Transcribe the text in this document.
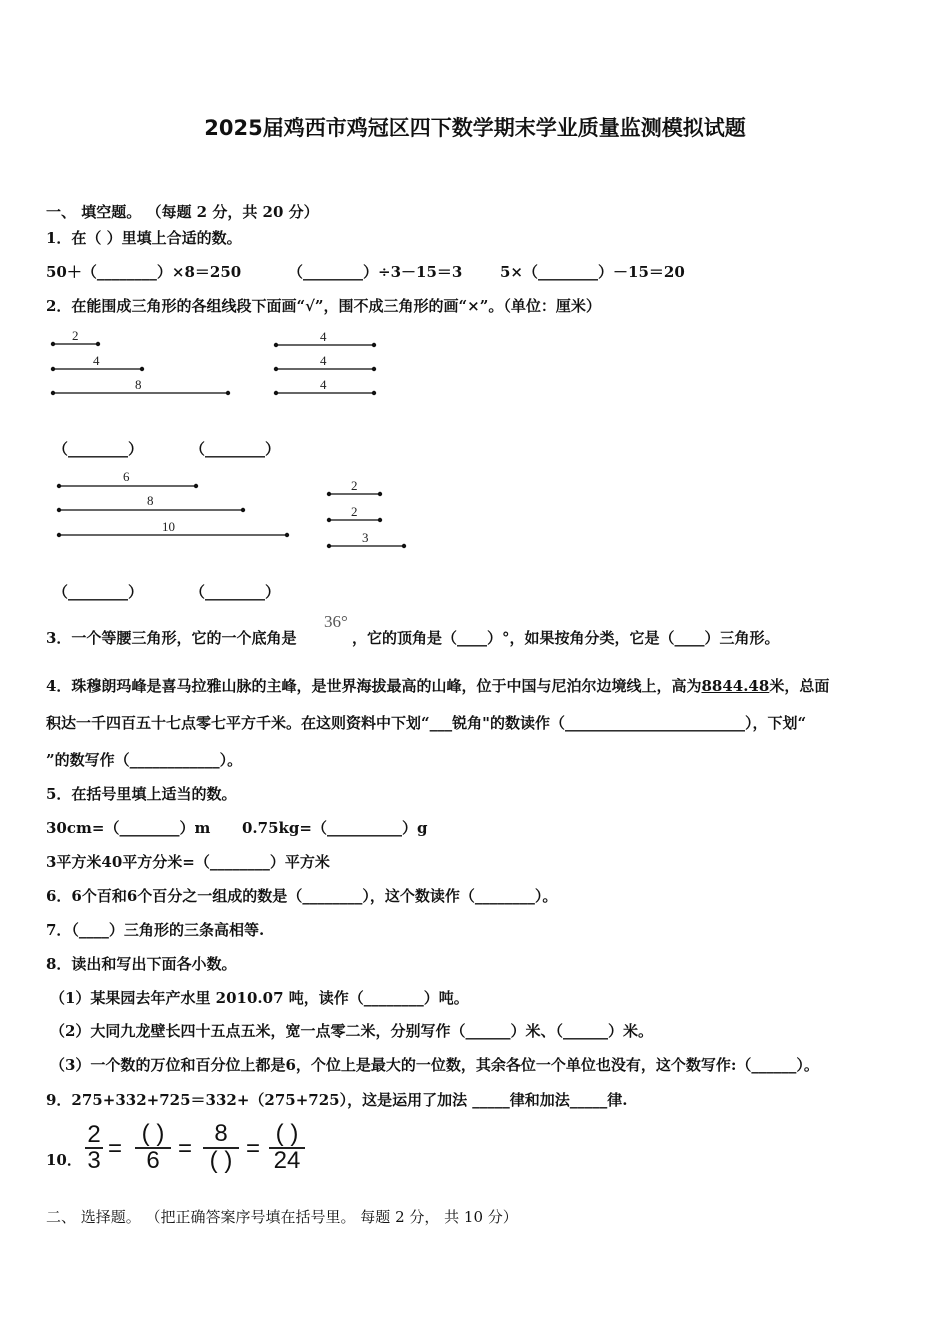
2025届鸡西市鸡冠区四下数学期末学业质量监测模拟试题
一、 填空题。 （每题 2 分，共 20 分）
1．在（ ）里填上合适的数。
50＋（________）×8＝250	（________）÷3－15＝3	5×（________）－15＝20
2．在能围成三角形的各组线段下面画“√”，围不成三角形的画“×”。（单位：厘米）
2
4
8
4
4
4
6
8
10
2
2
3
（________）	（________）
（________）	（________）
3．一个等腰三角形，它的一个底角是
36°
，它的顶角是（____）°，如果按角分类，它是（____）三角形。
4．珠穆朗玛峰是喜马拉雅山脉的主峰，是世界海拔最高的山峰，位于中国与尼泊尔边境线上，高为8844.48米，总面
积达一千四百五十七点零七平方千米。在这则资料中下划“___锐角"的数读作（________________________），下划“
”的数写作（____________）。
5．在括号里填上适当的数。
30cm=（________）m 0.75kg=（__________）g
3平方米40平方分米=（________）平方米
6．6个百和6个百分之一组成的数是（________），这个数读作（________）。
7．（____）三角形的三条高相等.
8．读出和写出下面各小数。
（1）某果园去年产水里 2010.07 吨，读作（________）吨。
（2）大同九龙壁长四十五点五米，宽一点零二米，分别写作（______）米、（______）米。
（3）一个数的万位和百分位上都是6，个位上是最大的一位数，其余各位一个单位也没有，这个数写作:（______）。
9．275+332+725＝332+（275+725），这是运用了加法 _____律和加法_____律.
10．
2
3 =
( )
6 =
8
( ) =
( )
24
二、 选择题。 （把正确答案序号填在括号里。 每题 2 分， 共 10 分）
